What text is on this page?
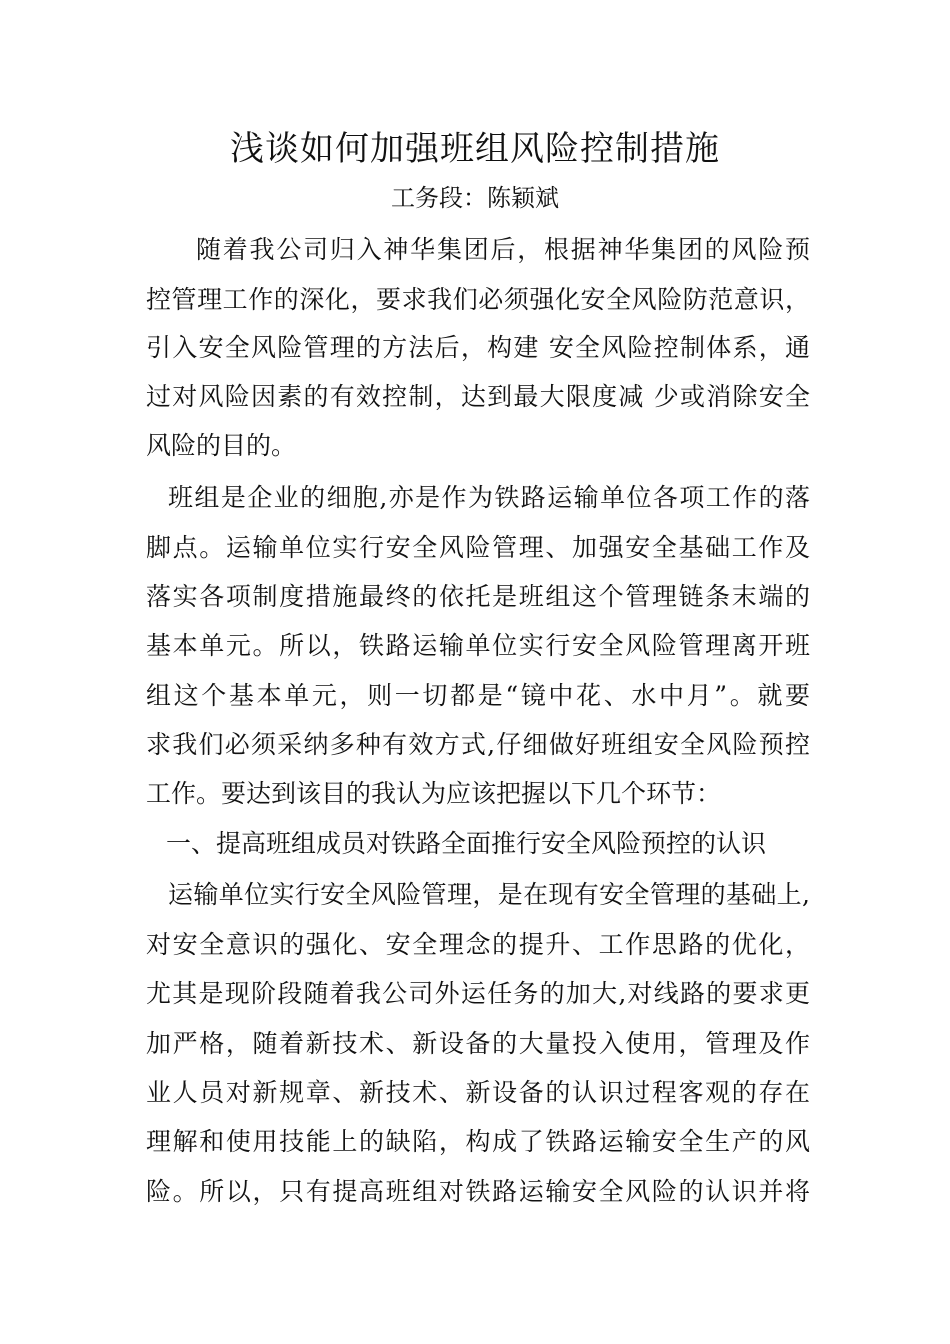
浅谈如何加强班组风险控制措施
工务段：陈颖斌
随着我公司归入神华集团后，根据神华集团的风险预
控管理工作的深化，要求我们必须强化安全风险防范意识，
引入安全风险管理的方法后，构建 安全风险控制体系，通
过对风险因素的有效控制，达到最大限度减 少或消除安全
风险的目的。
班组是企业的细胞,亦是作为铁路运输单位各项工作的落
脚点。运输单位实行安全风险管理、加强安全基础工作及
落实各项制度措施最终的依托是班组这个管理链条末端的
基本单元。所以，铁路运输单位实行安全风险管理离开班
组这个基本单元，则一切都是“镜中花、水中月”。就要
求我们必须采纳多种有效方式,仔细做好班组安全风险预控
工作。要达到该目的我认为应该把握以下几个环节：
一、提高班组成员对铁路全面推行安全风险预控的认识
运输单位实行安全风险管理，是在现有安全管理的基础上,
对安全意识的强化、安全理念的提升、工作思路的优化，
尤其是现阶段随着我公司外运任务的加大,对线路的要求更
加严格，随着新技术、新设备的大量投入使用，管理及作
业人员对新规章、新技术、新设备的认识过程客观的存在
理解和使用技能上的缺陷，构成了铁路运输安全生产的风
险。所以，只有提高班组对铁路运输安全风险的认识并将
